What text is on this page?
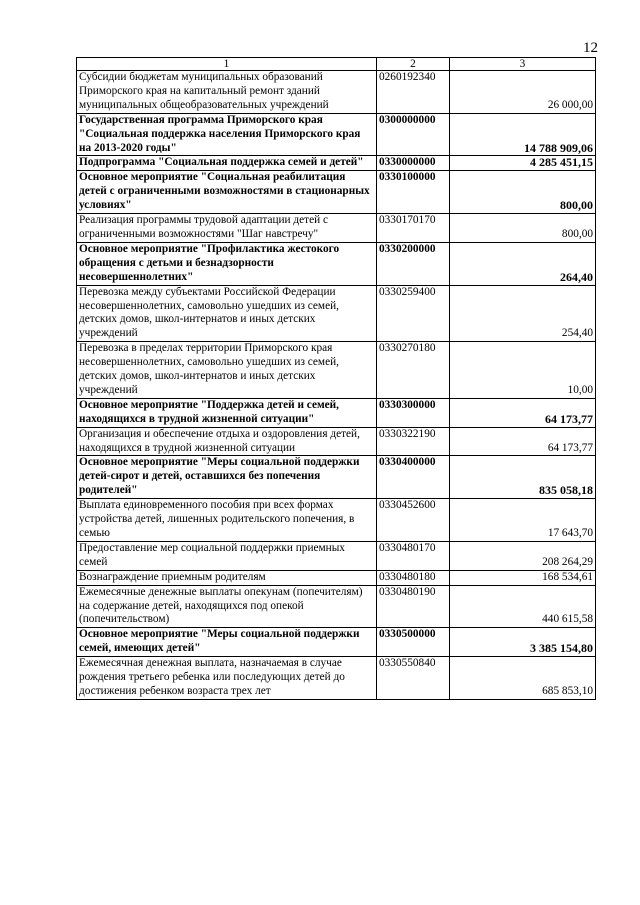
12
1	2	3
Субсидии бюджетам муниципальных образований Приморского края на капитальный ремонт зданий муниципальных общеобразовательных учреждений	0260192340	26 000,00
Государственная программа Приморского края "Социальная поддержка населения Приморского края на 2013-2020 годы"	0300000000	14 788 909,06
Подпрограмма "Социальная поддержка семей и детей"	0330000000	4 285 451,15
Основное мероприятие "Социальная реабилитация детей с ограниченными возможностями в стационарных условиях"	0330100000	800,00
Реализация программы трудовой адаптации детей с ограниченными возможностями "Шаг навстречу"	0330170170	800,00
Основное мероприятие "Профилактика жестокого обращения с детьми и безнадзорности несовершеннолетних"	0330200000	264,40
Перевозка между субъектами Российской Федерации несовершеннолетних, самовольно ушедших из семей, детских домов, школ-интернатов и иных детских учреждений	0330259400	254,40
Перевозка в пределах территории Приморского края несовершеннолетних, самовольно ушедших из семей, детских домов, школ-интернатов и иных детских учреждений	0330270180	10,00
Основное мероприятие "Поддержка детей и семей, находящихся в трудной жизненной ситуации"	0330300000	64 173,77
Организация и обеспечение отдыха и оздоровления детей, находящихся в трудной жизненной ситуации	0330322190	64 173,77
Основное мероприятие "Меры социальной поддержки детей-сирот и детей, оставшихся без попечения родителей"	0330400000	835 058,18
Выплата единовременного пособия при всех формах устройства детей, лишенных родительского попечения, в семью	0330452600	17 643,70
Предоставление мер социальной поддержки приемных семей	0330480170	208 264,29
Вознаграждение приемным родителям	0330480180	168 534,61
Ежемесячные денежные выплаты опекунам (попечителям) на содержание детей, находящихся под опекой (попечительством)	0330480190	440 615,58
Основное мероприятие "Меры социальной поддержки семей, имеющих детей"	0330500000	3 385 154,80
Ежемесячная денежная выплата, назначаемая в случае рождения третьего ребенка или последующих детей до достижения ребенком возраста трех лет	0330550840	685 853,10
